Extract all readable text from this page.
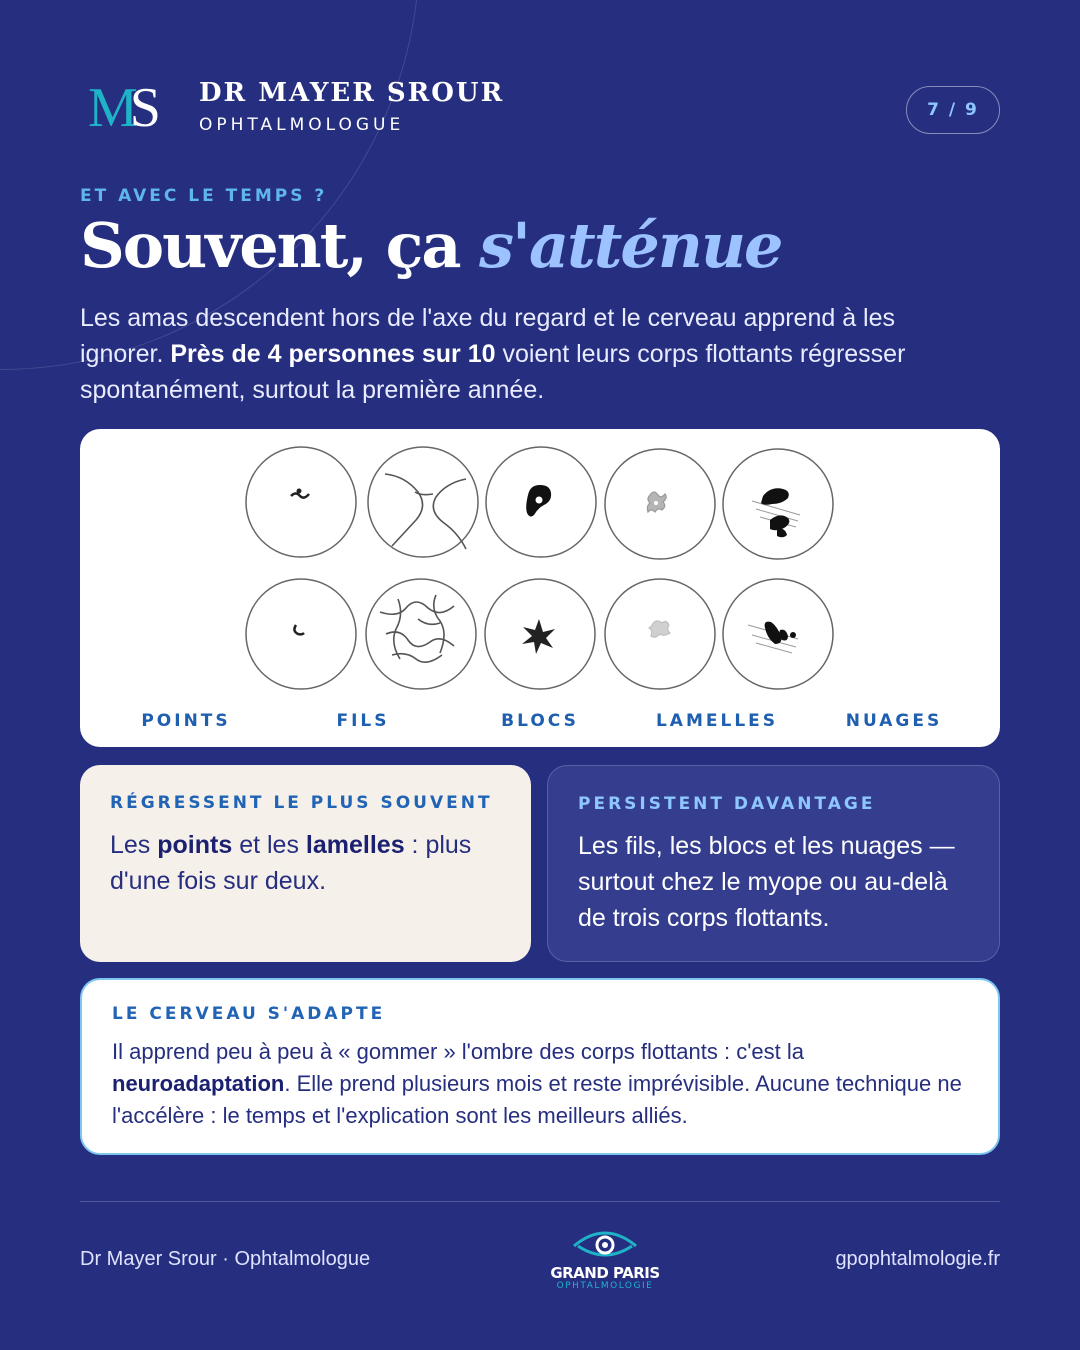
MS	DR MAYER SROUR
OPHTALMOLOGUE
7 / 9
ET AVEC LE TEMPS ?
Souvent, ça s'atténue

Les amas descendent hors de l'axe du regard et le cerveau apprend à les ignorer. Près de 4 personnes sur 10 voient leurs corps flottants régresser spontanément, surtout la première année.

POINTS	FILS	BLOCS	LAMELLES	NUAGES
RÉGRESSENT LE PLUS SOUVENT

Les points et les lamelles : plus d'une fois sur deux.

PERSISTENT DAVANTAGE

Les fils, les blocs et les nuages — surtout chez le myope ou au-delà de trois corps flottants.

LE CERVEAU S'ADAPTE

Il apprend peu à peu à « gommer » l'ombre des corps flottants : c'est la neuroadaptation. Elle prend plusieurs mois et reste imprévisible. Aucune technique ne l'accélère : le temps et l'explication sont les meilleurs alliés.

Dr Mayer Srour · Ophtalmologue
GRAND PARIS
OPHTALMOLOGIE
gpophtalmologie.fr
